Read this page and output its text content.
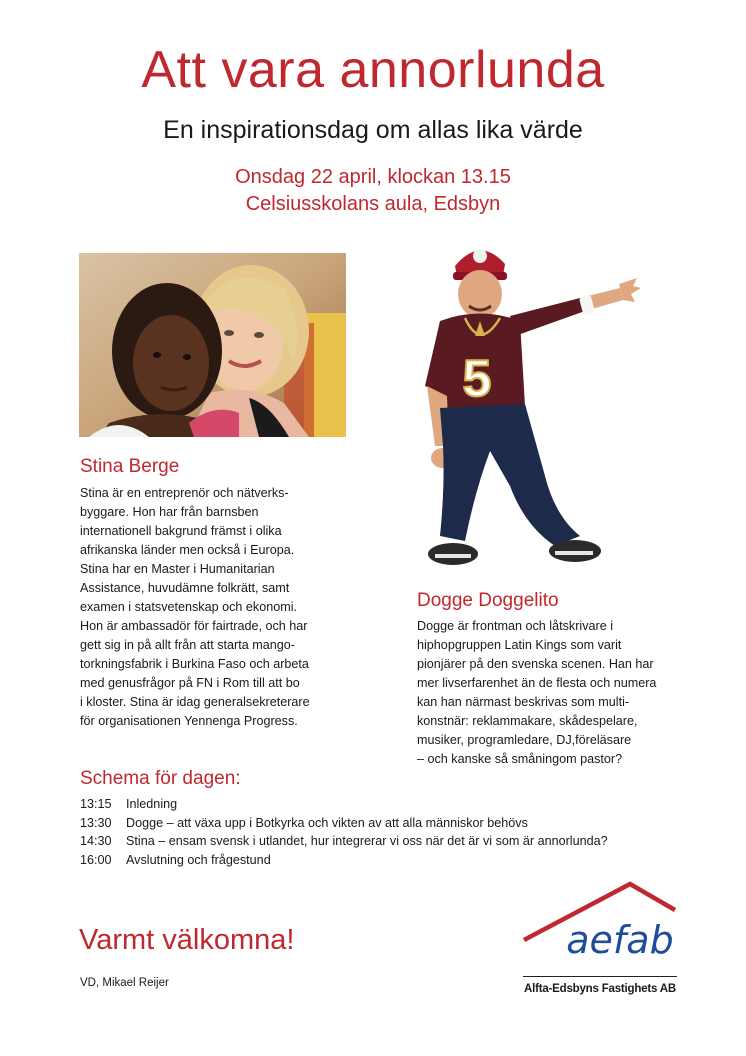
Att vara annorlunda
En inspirationsdag om allas lika värde
Onsdag 22 april, klockan 13.15
Celsiusskolans aula, Edsbyn
Stina Berge

Stina är en entreprenör och nätverks-

byggare. Hon har från barnsben

internationell bakgrund främst i olika

afrikanska länder men också i Europa.

Stina har en Master i Humanitarian

Assistance, huvudämne folkrätt, samt

examen i statsvetenskap och ekonomi.

Hon är ambassadör för fairtrade, och har

gett sig in på allt från att starta mango-

torkningsfabrik i Burkina Faso och arbeta

med genusfrågor på FN i Rom till att bo

i kloster. Stina är idag generalsekreterare

för organisationen Yennenga Progress.

5
Dogge Doggelito

Dogge är frontman och låtskrivare i

hiphopgruppen Latin Kings som varit

pionjärer på den svenska scenen. Han har

mer livserfarenhet än de flesta och numera

kan han närmast beskrivas som multi-

konstnär: reklammakare, skådespelare,

musiker, programledare, DJ,föreläsare

– och kanske så småningom pastor?

Schema för dagen:
13:15	Inledning
13:30	Dogge – att växa upp i Botkyrka och vikten av att alla människor behövs
14:30	Stina – ensam svensk i utlandet, hur integrerar vi oss när det är vi som är annorlunda?
16:00	Avslutning och frågestund
Varmt välkomna!
VD, Mikael Reijer
aefab
Alfta-Edsbyns Fastighets AB
